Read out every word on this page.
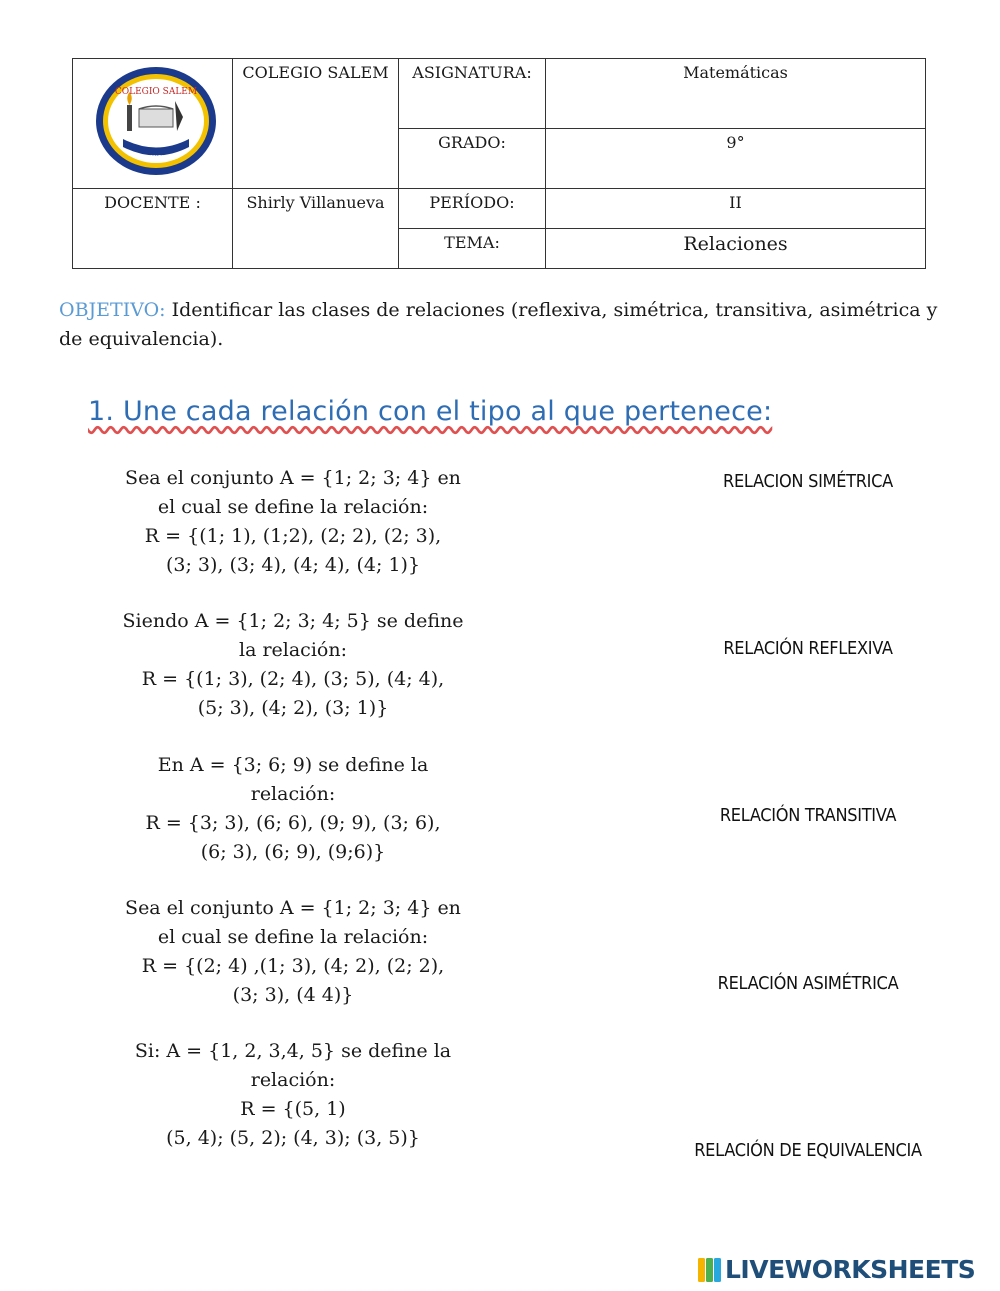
COLEGIO SALEM
1987
BARRANQUILLA	COLEGIO SALEM	ASIGNATURA:	Matemáticas
		GRADO:	9°
DOCENTE :	Shirly Villanueva	PERÍODO:	II
		TEMA:	Relaciones
OBJETIVO: Identificar las clases de relaciones (reflexiva, simétrica, transitiva, asimétrica y de equivalencia).
1. Une cada relación con el tipo al que pertenece:
Sea el conjunto A = {1; 2; 3; 4} en
el cual se define la relación:
R = {(1; 1), (1;2), (2; 2), (2; 3),
(3; 3), (3; 4), (4; 4), (4; 1)}
Siendo A = {1; 2; 3; 4; 5} se define
la relación:
R = {(1; 3), (2; 4), (3; 5), (4; 4),
(5; 3), (4; 2), (3; 1)}
En A = {3; 6; 9) se define la
relación:
R = {3; 3), (6; 6), (9; 9), (3; 6),
(6; 3), (6; 9), (9;6)}
Sea el conjunto A = {1; 2; 3; 4} en
el cual se define la relación:
R = {(2; 4) ,(1; 3), (4; 2), (2; 2),
(3; 3), (4 4)}
Si: A = {1, 2, 3,4, 5} se define la
relación:
R = {(5, 1)
(5, 4); (5, 2); (4, 3); (3, 5)}
RELACION SIMÉTRICA
RELACIÓN REFLEXIVA
RELACIÓN TRANSITIVA
RELACIÓN ASIMÉTRICA
RELACIÓN DE EQUIVALENCIA
LIVEWORKSHEETS
